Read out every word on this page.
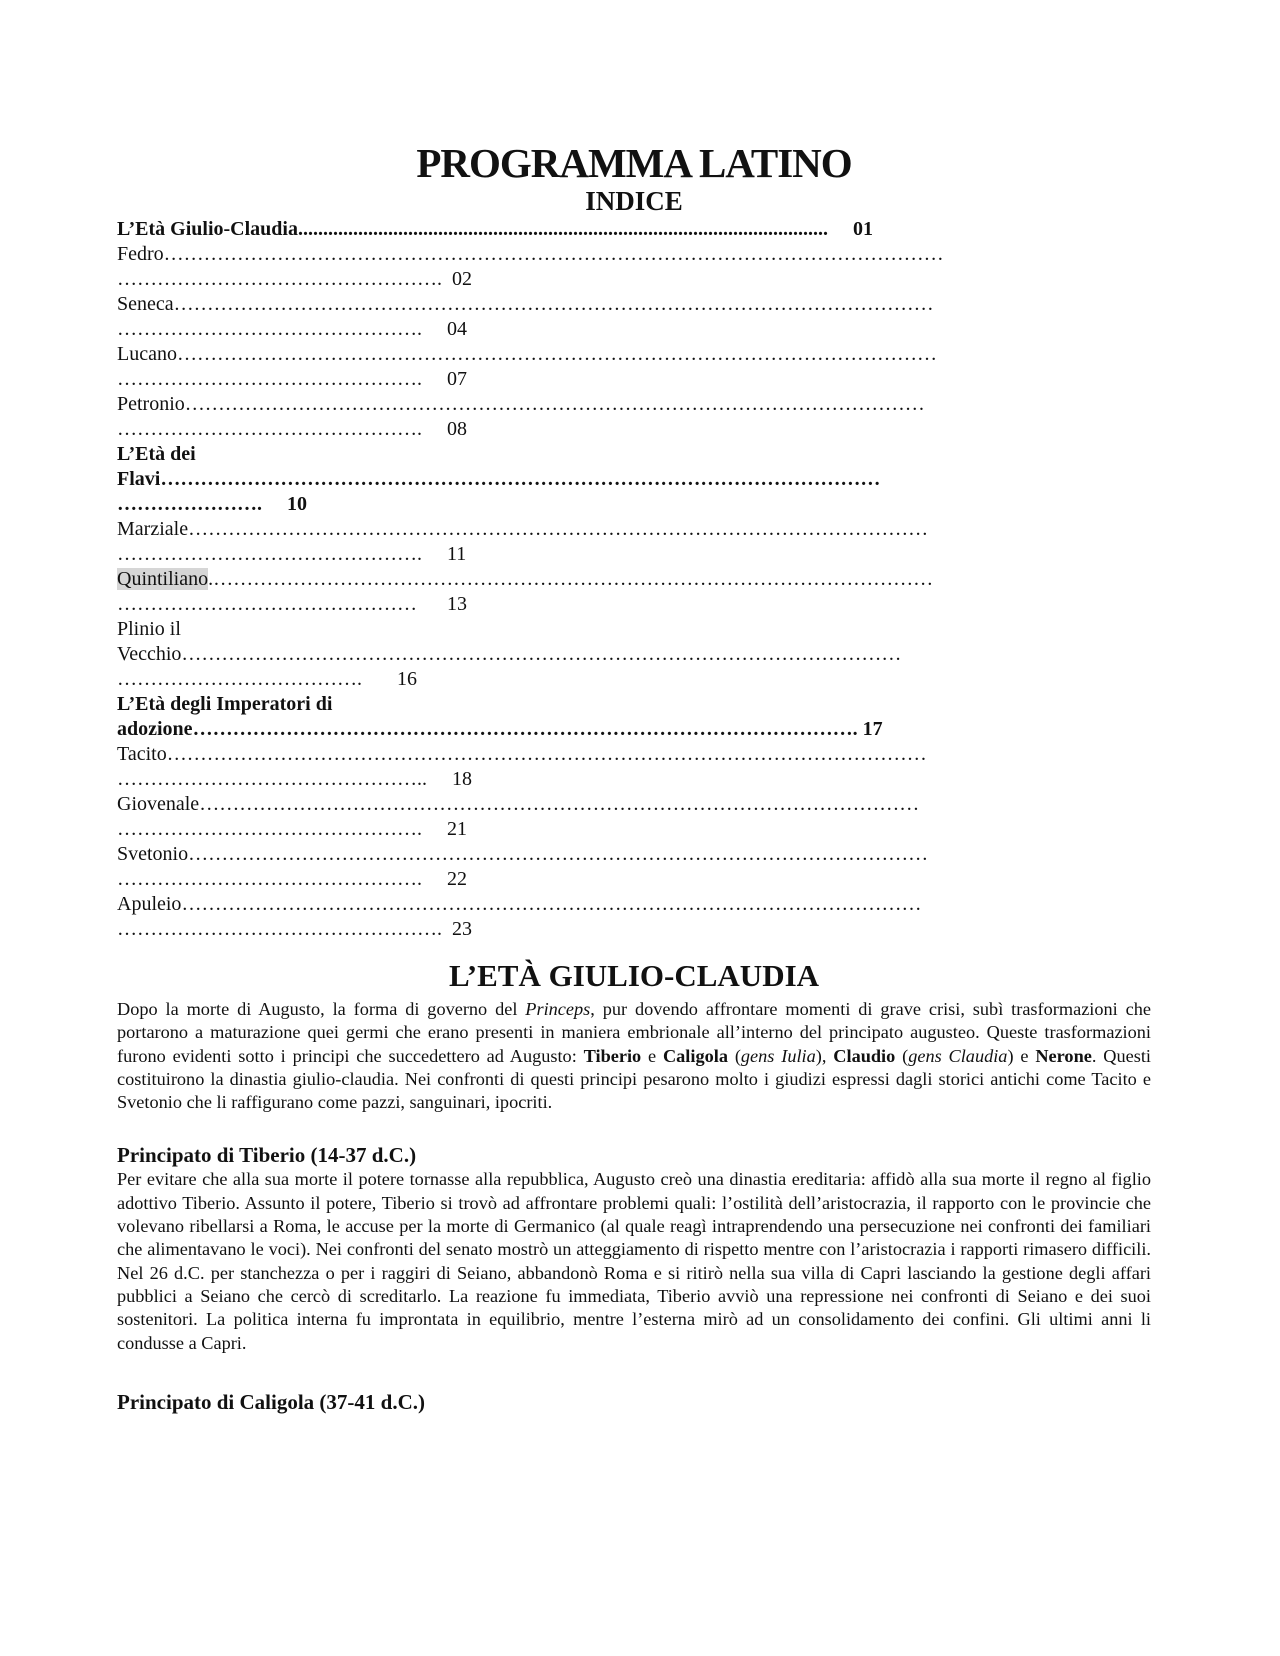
PROGRAMMA LATINO
INDICE
L’Età Giulio-Claudia.......................................................................................................... 01
Fedro………………………………………………………………………………………………………
…………………………………………. 02
Seneca……………………………………………………………………………………………………
………………………………………. 04
Lucano……………………………………………………………………………………………………
………………………………………. 07
Petronio…………………………………………………………………………………………………
………………………………………. 08
L’Età dei
Flavi………………………………………………………………………………………………
…………………. 10
Marziale…………………………………………………………………………………………………
………………………………………. 11
Quintiliano.………………………………………………………………………………………………
……………………………………… 13
Plinio il
Vecchio………………………………………………………………………………………………
………………………………. 16
L’Età degli Imperatori di
adozione………………………………………………………………………………………. 17
Tacito……………………………………………………………………………………………………
……………………………………….. 18
Giovenale………………………………………………………………………………………………
………………………………………. 21
Svetonio…………………………………………………………………………………………………
………………………………………. 22
Apuleio…………………………………………………………………………………………………
…………………………………………. 23
L’ETÀ GIULIO-CLAUDIA

Dopo la morte di Augusto, la forma di governo del Princeps, pur dovendo affrontare momenti di grave crisi, subì trasformazioni che portarono a maturazione quei germi che erano presenti in maniera embrionale all’interno del principato augusteo. Queste trasformazioni furono evidenti sotto i principi che succedettero ad Augusto: Tiberio e Caligola (gens Iulia), Claudio (gens Claudia) e Nerone. Questi costituirono la dinastia giulio-claudia. Nei confronti di questi principi pesarono molto i giudizi espressi dagli storici antichi come Tacito e Svetonio che li raffigurano come pazzi, sanguinari, ipocriti.

Principato di Tiberio (14-37 d.C.)

Per evitare che alla sua morte il potere tornasse alla repubblica, Augusto creò una dinastia ereditaria: affidò alla sua morte il regno al figlio adottivo Tiberio. Assunto il potere, Tiberio si trovò ad affrontare problemi quali: l’ostilità dell’aristocrazia, il rapporto con le provincie che volevano ribellarsi a Roma, le accuse per la morte di Germanico (al quale reagì intraprendendo una persecuzione nei confronti dei familiari che alimentavano le voci). Nei confronti del senato mostrò un atteggiamento di rispetto mentre con l’aristocrazia i rapporti rimasero difficili. Nel 26 d.C. per stanchezza o per i raggiri di Seiano, abbandonò Roma e si ritirò nella sua villa di Capri lasciando la gestione degli affari pubblici a Seiano che cercò di screditarlo. La reazione fu immediata, Tiberio avviò una repressione nei confronti di Seiano e dei suoi sostenitori. La politica interna fu improntata in equilibrio, mentre l’esterna mirò ad un consolidamento dei confini. Gli ultimi anni li condusse a Capri.

Principato di Caligola (37-41 d.C.)
